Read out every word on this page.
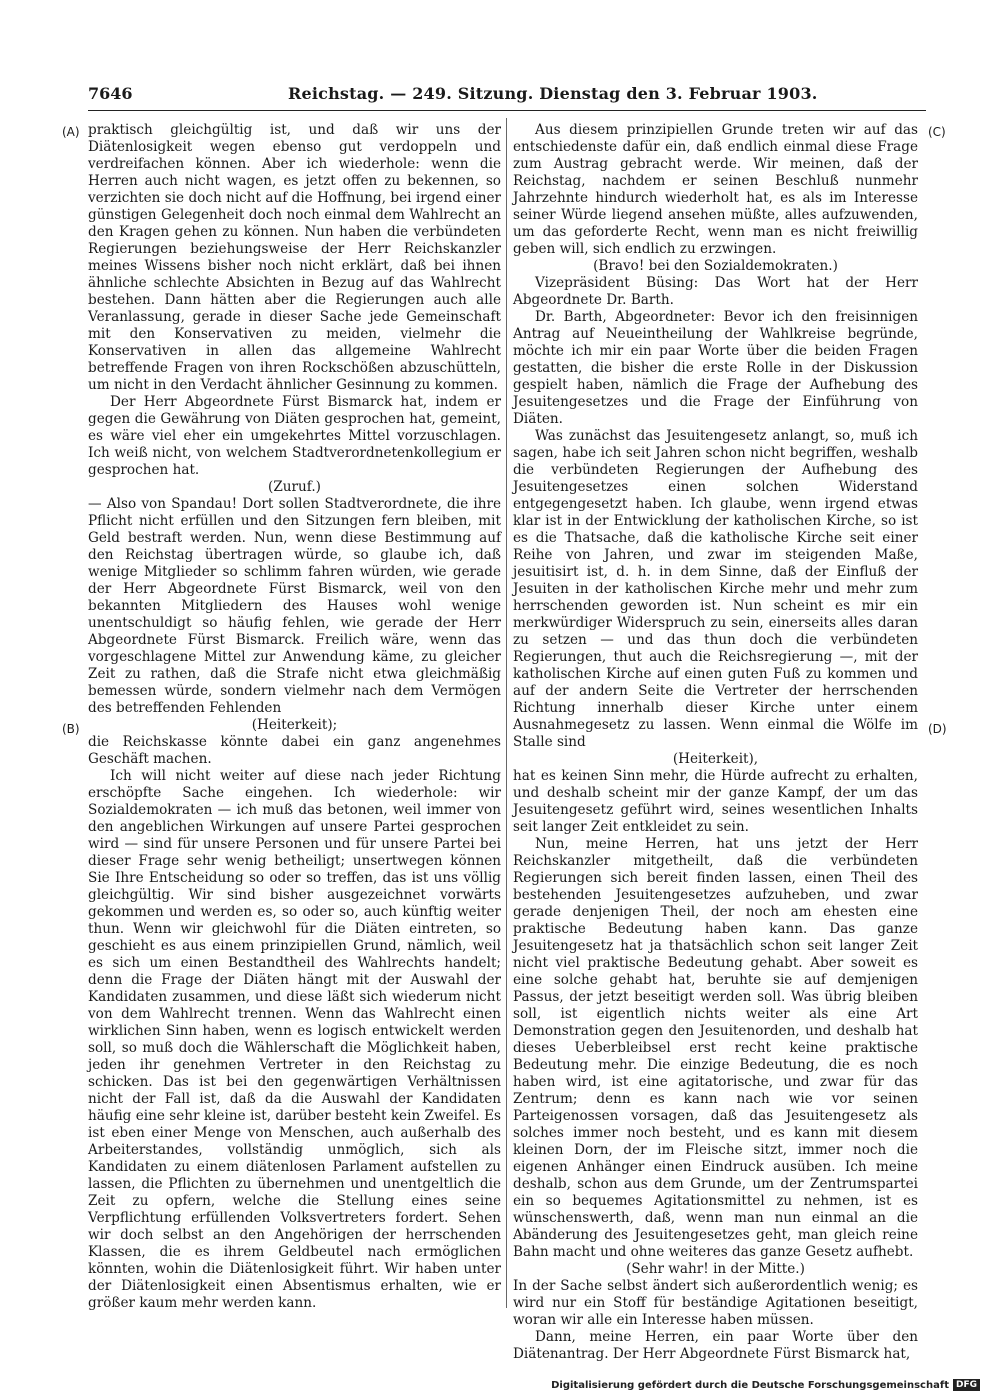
7646	Reichstag. — 249. Sitzung. Dienstag den 3. Februar 1903.
(A)
(B)
(C)
(D)

praktisch gleichgültig ist, und daß wir uns der Diätenlosigkeit wegen ebenso gut verdoppeln und verdreifachen können. Aber ich wiederhole: wenn die Herren auch nicht wagen, es jetzt offen zu bekennen, so verzichten sie doch nicht auf die Hoffnung, bei irgend einer günstigen Gelegenheit doch noch einmal dem Wahlrecht an den Kragen gehen zu können. Nun haben die verbündeten Regierungen beziehungsweise der Herr Reichskanzler meines Wissens bisher noch nicht erklärt, daß bei ihnen ähnliche schlechte Absichten in Bezug auf das Wahlrecht bestehen. Dann hätten aber die Regierungen auch alle Veranlassung, gerade in dieser Sache jede Gemeinschaft mit den Konservativen zu meiden, vielmehr die Konservativen in allen das allgemeine Wahlrecht betreffende Fragen von ihren Rockschößen abzuschütteln, um nicht in den Verdacht ähnlicher Gesinnung zu kommen.

Der Herr Abgeordnete Fürst Bismarck hat, indem er gegen die Gewährung von Diäten gesprochen hat, gemeint, es wäre viel eher ein umgekehrtes Mittel vorzuschlagen. Ich weiß nicht, von welchem Stadtverordnetenkollegium er gesprochen hat.

(Zuruf.)

— Also von Spandau! Dort sollen Stadtverordnete, die ihre Pflicht nicht erfüllen und den Sitzungen fern bleiben, mit Geld bestraft werden. Nun, wenn diese Bestimmung auf den Reichstag übertragen würde, so glaube ich, daß wenige Mitglieder so schlimm fahren würden, wie gerade der Herr Abgeordnete Fürst Bismarck, weil von den bekannten Mitgliedern des Hauses wohl wenige unentschuldigt so häufig fehlen, wie gerade der Herr Abgeordnete Fürst Bismarck. Freilich wäre, wenn das vorgeschlagene Mittel zur Anwendung käme, zu gleicher Zeit zu rathen, daß die Strafe nicht etwa gleichmäßig bemessen würde, sondern vielmehr nach dem Vermögen des betreffenden Fehlenden

(Heiterkeit);

die Reichskasse könnte dabei ein ganz angenehmes Geschäft machen.

Ich will nicht weiter auf diese nach jeder Richtung erschöpfte Sache eingehen. Ich wiederhole: wir Sozialdemokraten — ich muß das betonen, weil immer von den angeblichen Wirkungen auf unsere Partei gesprochen wird — sind für unsere Personen und für unsere Partei bei dieser Frage sehr wenig betheiligt; unsertwegen können Sie Ihre Entscheidung so oder so treffen, das ist uns völlig gleichgültig. Wir sind bisher ausgezeichnet vorwärts gekommen und werden es, so oder so, auch künftig weiter thun. Wenn wir gleichwohl für die Diäten eintreten, so geschieht es aus einem prinzipiellen Grund, nämlich, weil es sich um einen Bestandtheil des Wahlrechts handelt; denn die Frage der Diäten hängt mit der Auswahl der Kandidaten zusammen, und diese läßt sich wiederum nicht von dem Wahlrecht trennen. Wenn das Wahlrecht einen wirklichen Sinn haben, wenn es logisch entwickelt werden soll, so muß doch die Wählerschaft die Möglichkeit haben, jeden ihr genehmen Vertreter in den Reichstag zu schicken. Das ist bei den gegenwärtigen Verhältnissen nicht der Fall ist, daß da die Auswahl der Kandidaten häufig eine sehr kleine ist, darüber besteht kein Zweifel. Es ist eben einer Menge von Menschen, auch außerhalb des Arbeiterstandes, vollständig unmöglich, sich als Kandidaten zu einem diätenlosen Parlament aufstellen zu lassen, die Pflichten zu übernehmen und unentgeltlich die Zeit zu opfern, welche die Stellung eines seine Verpflichtung erfüllenden Volksvertreters fordert. Sehen wir doch selbst an den Angehörigen der herrschenden Klassen, die es ihrem Geldbeutel nach ermöglichen könnten, wohin die Diätenlosigkeit führt. Wir haben unter der Diätenlosigkeit einen Absentismus erhalten, wie er größer kaum mehr werden kann.

Aus diesem prinzipiellen Grunde treten wir auf das entschiedenste dafür ein, daß endlich einmal diese Frage zum Austrag gebracht werde. Wir meinen, daß der Reichstag, nachdem er seinen Beschluß nunmehr Jahrzehnte hindurch wiederholt hat, es als im Interesse seiner Würde liegend ansehen müßte, alles aufzuwenden, um das geforderte Recht, wenn man es nicht freiwillig geben will, sich endlich zu erzwingen.

(Bravo! bei den Sozialdemokraten.)

Vizepräsident Büsing: Das Wort hat der Herr Abgeordnete Dr. Barth.

Dr. Barth, Abgeordneter: Bevor ich den freisinnigen Antrag auf Neueintheilung der Wahlkreise begründe, möchte ich mir ein paar Worte über die beiden Fragen gestatten, die bisher die erste Rolle in der Diskussion gespielt haben, nämlich die Frage der Aufhebung des Jesuitengesetzes und die Frage der Einführung von Diäten.

Was zunächst das Jesuitengesetz anlangt, so, muß ich sagen, habe ich seit Jahren schon nicht begriffen, weshalb die verbündeten Regierungen der Aufhebung des Jesuitengesetzes einen solchen Widerstand entgegengesetzt haben. Ich glaube, wenn irgend etwas klar ist in der Entwicklung der katholischen Kirche, so ist es die Thatsache, daß die katholische Kirche seit einer Reihe von Jahren, und zwar im steigenden Maße, jesuitisirt ist, d. h. in dem Sinne, daß der Einfluß der Jesuiten in der katholischen Kirche mehr und mehr zum herrschenden geworden ist. Nun scheint es mir ein merkwürdiger Widerspruch zu sein, einerseits alles daran zu setzen — und das thun doch die verbündeten Regierungen, thut auch die Reichsregierung —, mit der katholischen Kirche auf einen guten Fuß zu kommen und auf der andern Seite die Vertreter der herrschenden Richtung innerhalb dieser Kirche unter einem Ausnahmegesetz zu lassen. Wenn einmal die Wölfe im Stalle sind

(Heiterkeit),

hat es keinen Sinn mehr, die Hürde aufrecht zu erhalten, und deshalb scheint mir der ganze Kampf, der um das Jesuitengesetz geführt wird, seines wesentlichen Inhalts seit langer Zeit entkleidet zu sein.

Nun, meine Herren, hat uns jetzt der Herr Reichskanzler mitgetheilt, daß die verbündeten Regierungen sich bereit finden lassen, einen Theil des bestehenden Jesuitengesetzes aufzuheben, und zwar gerade denjenigen Theil, der noch am ehesten eine praktische Bedeutung haben kann. Das ganze Jesuitengesetz hat ja thatsächlich schon seit langer Zeit nicht viel praktische Bedeutung gehabt. Aber soweit es eine solche gehabt hat, beruhte sie auf demjenigen Passus, der jetzt beseitigt werden soll. Was übrig bleiben soll, ist eigentlich nichts weiter als eine Art Demonstration gegen den Jesuitenorden, und deshalb hat dieses Ueberbleibsel erst recht keine praktische Bedeutung mehr. Die einzige Bedeutung, die es noch haben wird, ist eine agitatorische, und zwar für das Zentrum; denn es kann nach wie vor seinen Parteigenossen vorsagen, daß das Jesuitengesetz als solches immer noch besteht, und es kann mit diesem kleinen Dorn, der im Fleische sitzt, immer noch die eigenen Anhänger einen Eindruck ausüben. Ich meine deshalb, schon aus dem Grunde, um der Zentrumspartei ein so bequemes Agitationsmittel zu nehmen, ist es wünschenswerth, daß, wenn man nun einmal an die Abänderung des Jesuitengesetzes geht, man gleich reine Bahn macht und ohne weiteres das ganze Gesetz aufhebt.

(Sehr wahr! in der Mitte.)

In der Sache selbst ändert sich außerordentlich wenig; es wird nur ein Stoff für beständige Agitationen beseitigt, woran wir alle ein Interesse haben müssen.

Dann, meine Herren, ein paar Worte über den Diätenantrag. Der Herr Abgeordnete Fürst Bismarck hat,

Digitalisierung gefördert durch die Deutsche Forschungsgemeinschaft DFG
